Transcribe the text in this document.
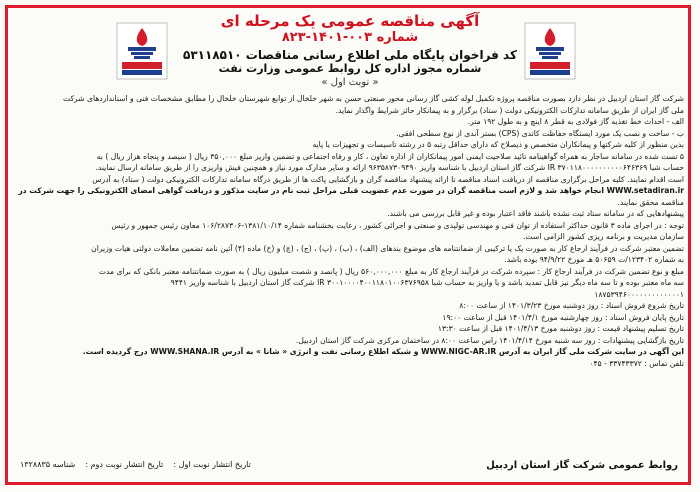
آگهی مناقصه عمومی یک مرحله ای
شماره ۰۰۳-۱۴۰۱-۸۲۳
کد فراخوان پایگاه ملی اطلاع رسانی مناقصات ۵۳۱۱۸۵۱۰
شماره مجوز اداره کل روابط عمومی وزارت نفت
« نوبت اول »
شرکت گاز استان اردبیل در نظر دارد بصورت مناقصه پروژه تکمیل لوله کشی گاز رسانی محور صنعتی حسن به شهر خلخال از توابع شهرستان خلخال را مطابق مشخصات فنی و استانداردهای شرکت
ملی گاز ایران از طریق سامانه تدارکات الکترونیکی دولت ( ستاد) برگزار و به پیمانکار حائز شرایط واگذار نماید.
الف - احداث خط تغذیه گاز فولادی به قطر ۸ اینچ و به طول ۱۹۲ متر.
ب - ساخت و نصب یک مورد ایستگاه حفاظت کاتدی (CPS) بستر آندی از نوع سطحی افقی.
بدین منظور از کلیه شرکتها و پیمانکاران متخصص و ذیصلاح که دارای حداقل رتبه ۵ در رشته تاسیسات و تجهیزات یا پایه
۵ تست شده در سامانه ساجار به همراه گواهینامه تائید صلاحیت ایمنی امور پیمانکاران از اداره تعاون ، کار و رفاه اجتماعی و تضمین واریز مبلغ ۳۵۰,۰۰۰ ریال ( سیصد و پنجاه هزار ریال ) به
حساب شبا IR ۳۷۰۱۱۸۰۰۰۰۰۰۰۰۰۰۶۴۶۳۶۹ شرکت گاز استان اردبیل با شناسه واریز ۹۶۳۵۸۷۳۰۹۴۹۰ ارائه و سایر مدارک مورد نیاز و همچنین فیش واریزی را از طریق سامانه ارسال نمایند.
است اقدام نمایند. کلیه مراحل برگزاری مناقصه از دریافت اسناد مناقصه تا ارائه پیشنهاد مناقصه گران و بازگشایی پاکت ها از طریق درگاه سامانه تدارکات الکترونیکی دولت ( ستاد) به آدرس
WWW.setadiran.ir انجام خواهد شد و لازم است مناقصه گران در صورت عدم عضویت قبلی مراحل ثبت نام در سایت مذکور و دریافت گواهی امضای الکترونیکی را جهت شرکت در
مناقصه محقق نمایند.
پیشنهادهایی که در سامانه ستاد ثبت نشده باشند فاقد اعتبار بوده و غیر قابل بررسی می باشند.
توجه : در اجرای ماده ۳ قانون حداکثر استفاده از توان فنی و مهندسی تولیدی و صنعتی و اجرائی کشور ، رعایت بخشنامه شماره ۱۳۸۱/۱۰/۱۴-۱۰۶/۲۸۷۳۰۶ معاون رئیس جمهور و رئیس
سازمان مدیریت و برنامه ریزی کشور الزامی است.
تضمین معتبر شرکت در فرآیند ارجاع کار به صورت یک یا ترکیبی از ضمانتنامه های موضوع بندهای (الف) ، (ب) ، (پ) ، (ج) ، (چ) و (خ) ماده (۴) آئین نامه تضمین معاملات دولتی هیات وزیران
به شماره ۱۲۳۴۰۲/ت ۵۰۶۵۹ هـ مورخ ۹۴/۹/۲۲ بوده باشد.
مبلغ و نوع تضمین شرکت در فرآیند ارجاع کار : سپرده شرکت در فرآیند ارجاع کار به مبلغ ۵۶۰,۰۰۰,۰۰۰ ریال ( پانصد و شصت میلیون ریال ) به صورت ضمانتنامه معتبر بانکی که برای مدت
سه ماه معتبر بوده و تا سه ماه دیگر نیز قابل تمدید باشد و یا واریز به حساب شبا IR ۳۰۰۱۰۰۰۰۴۰۰۱۱۸۰۱۰۰۶۳۷۶۹۵۸ شرکت گاز استان اردبیل با شناسه واریز ۹۴۴۱
۱۸۷۵۳۹۴۶۰۰۰۰۰۰۰۰۰۰۰۰۰۱
تاریخ شروع فروش اسناد : روز دوشنبه مورخ ۱۴۰۱/۳/۲۳ از ساعت ۸:۰۰
تاریخ پایان فروش اسناد : روز چهارشنبه مورخ ۱۴۰۱/۴/۱ قبل از ساعت ۱۹:۰۰
تاریخ تسلیم پیشنهاد قیمت : روز دوشنبه مورخ ۱۴۰۱/۴/۱۳ قبل از ساعت ۱۳:۳۰
تاریخ بازگشایی پیشنهادات : روز سه شنبه مورخ ۱۴۰۱/۴/۱۴ راس ساعت ۸:۰۰ در ساختمان مرکزی شرکت گاز استان اردبیل.
این آگهی در سایت شرکت ملی گاز ایران به آدرس WWW.NIGC-AR.IR و شبکه اطلاع رسانی نفت و انرژی « شانا » به آدرس WWW.SHANA.IR درج گردیده است.
تلفن تماس : ۳۳۷۴۳۳۷۲ - ۰۴۵
تاریخ انتشار نوبت اول :    تاریخ انتشار نوبت دوم :    شناسه ۱۳۲۸۸۳۵	روابط عمومی شرکت گاز استان اردبیل
